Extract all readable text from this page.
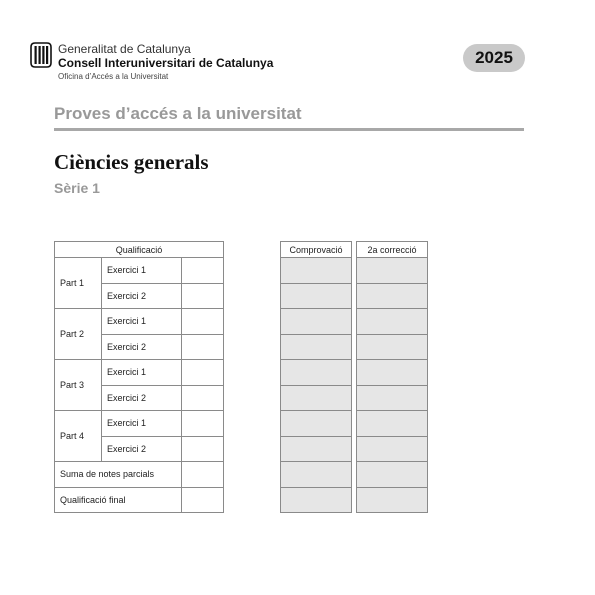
Generalitat de Catalunya
Consell Interuniversitari de Catalunya
Oficina d’Accés a la Universitat
2025
Proves d’accés a la universitat
Ciències generals
Sèrie 1
Qualificació		
Part 1	Exercici 1	
	Exercici 2	
Part 2	Exercici 1	
	Exercici 2	
Part 3	Exercici 1	
	Exercici 2	
Part 4	Exercici 1	
	Exercici 2	
Suma de notes parcials		
Qualificació final		
Comprovació	2a correcció
